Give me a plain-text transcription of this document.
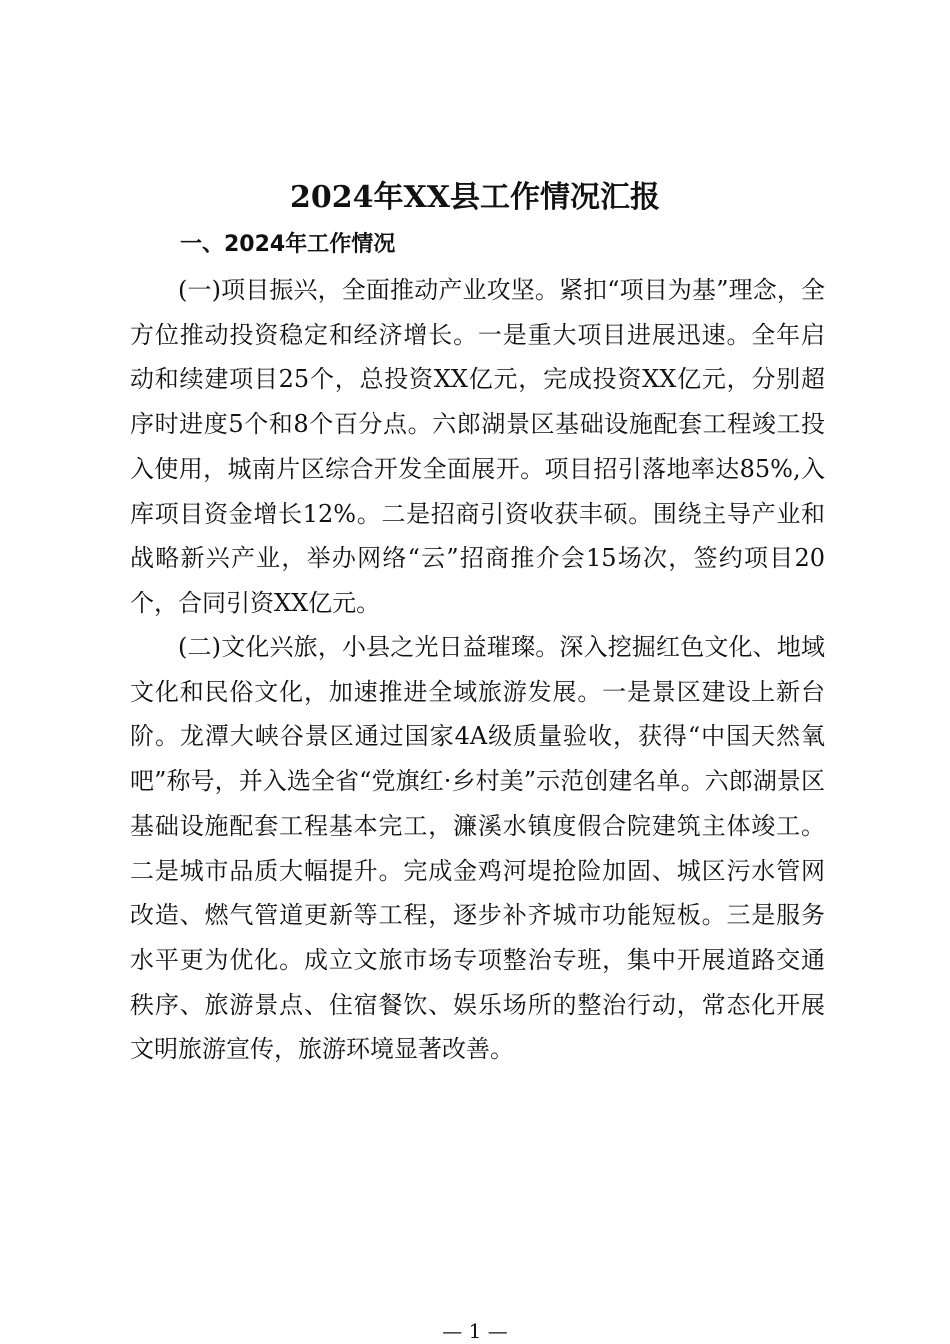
2024年XX县工作情况汇报
一、2024年工作情况

(一)项目振兴，全面推动产业攻坚。紧扣“项目为基”理念，全方位推动投资稳定和经济增长。一是重大项目进展迅速。全年启动和续建项目25个，总投资XX亿元，完成投资XX亿元，分别超序时进度5个和8个百分点。六郎湖景区基础设施配套工程竣工投入使用，城南片区综合开发全面展开。项目招引落地率达85%,入库项目资金增长12%。二是招商引资收获丰硕。围绕主导产业和战略新兴产业，举办网络“云”招商推介会15场次，签约项目20个，合同引资XX亿元。

(二)文化兴旅，小县之光日益璀璨。深入挖掘红色文化、地域文化和民俗文化，加速推进全域旅游发展。一是景区建设上新台阶。龙潭大峡谷景区通过国家4A级质量验收，获得“中国天然氧吧”称号，并入选全省“党旗红·乡村美”示范创建名单。六郎湖景区基础设施配套工程基本完工，濂溪水镇度假合院建筑主体竣工。二是城市品质大幅提升。完成金鸡河堤抢险加固、城区污水管网改造、燃气管道更新等工程，逐步补齐城市功能短板。三是服务水平更为优化。成立文旅市场专项整治专班，集中开展道路交通秩序、旅游景点、住宿餐饮、娱乐场所的整治行动，常态化开展文明旅游宣传，旅游环境显著改善。

— 1 —
